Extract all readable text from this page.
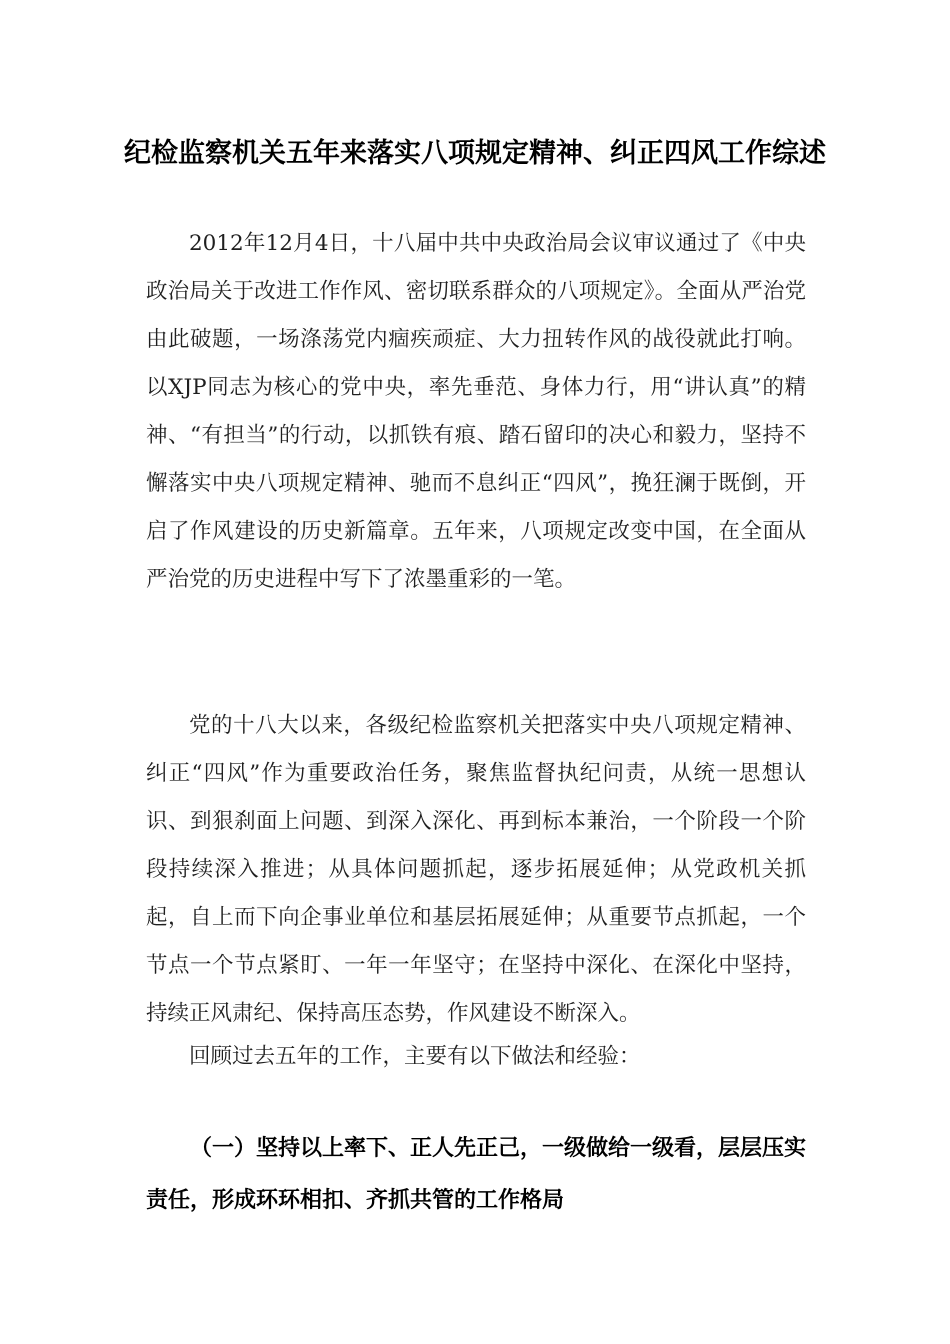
纪检监察机关五年来落实八项规定精神、纠正四风工作综述

2012年12月4日，十八届中共中央政治局会议审议通过了《中央政治局关于改进工作作风、密切联系群众的八项规定》。全面从严治党由此破题，一场涤荡党内痼疾顽症、大力扭转作风的战役就此打响。以XJP同志为核心的党中央，率先垂范、身体力行，用“讲认真”的精神、“有担当”的行动，以抓铁有痕、踏石留印的决心和毅力，坚持不懈落实中央八项规定精神、驰而不息纠正“四风”，挽狂澜于既倒，开启了作风建设的历史新篇章。五年来，八项规定改变中国，在全面从严治党的历史进程中写下了浓墨重彩的一笔。

党的十八大以来，各级纪检监察机关把落实中央八项规定精神、纠正“四风”作为重要政治任务，聚焦监督执纪问责，从统一思想认识、到狠刹面上问题、到深入深化、再到标本兼治，一个阶段一个阶段持续深入推进；从具体问题抓起，逐步拓展延伸；从党政机关抓起，自上而下向企事业单位和基层拓展延伸；从重要节点抓起，一个节点一个节点紧盯、一年一年坚守；在坚持中深化、在深化中坚持，持续正风肃纪、保持高压态势，作风建设不断深入。

回顾过去五年的工作，主要有以下做法和经验：

（一）坚持以上率下、正人先正己，一级做给一级看，层层压实责任，形成环环相扣、齐抓共管的工作格局
